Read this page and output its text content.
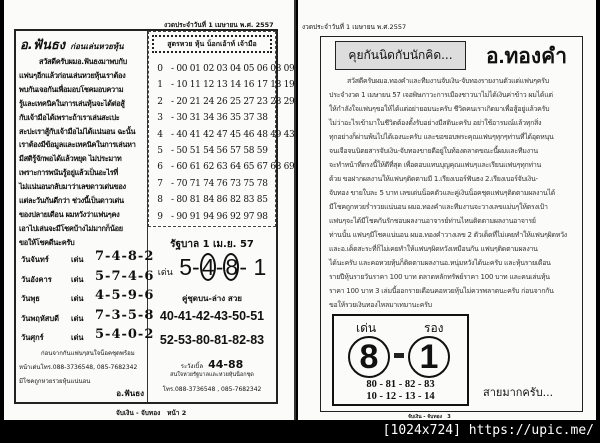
งวดประจำวันที่ 1 เมษายน พ.ศ. 2557
อ.ฟันธง ก่อนเล่นหวยหุ้น
สวัสดีครับผมอ.ฟันธงมาพบกับ
แฟนๆอีกแล้วก่อนเล่นหวยหุ้นเราต้อง
พบกันเจอกันเพื่อมอบโชคมอบความ
รู้และเทคนิคในการเล่นหุ้นจะได้ต่อสู้
กับเจ้ามือได้เพราะถ้าเราเล่นสะเปะ
สะปะเราสู้กับเจ้ามือไม่ได้แน่นอน ฉะนั้น
เราต้องมีข้อมูลและเทคนิคในการเล่นหา
มีสติรู้จักพอได้แล้วหยุด ไม่ประมาท
เพราะการพนันรู้อยู่แล้วเป็นอะไรที่
ไม่แน่นอนกลับมาว่าเลขดาวเด่นของ
แต่ละวันกันดีกว่า ช่วงนี้เป็นดาวเด่น
ของปลายเดือน ผมหวังว่าแฟนๆคง
เอาไปเล่นจะมีโชคบ้างไม่มากก็น้อย
ขอให้โชคดีนะครับ
วันจันทร์	เด่น 7-4-8-2
วันอังคาร	เด่น 5-7-4-6
วันพุธ	เด่น 4-5-9-6
วันพฤหัสบดี เด่น 7-3-5-8
วันศุกร์	เด่น 5-4-0-2
ก่อนจากกันแฟนๆสนใจน็อคชุดพร้อม
หน้าเด่นโทร.088-3736548, 085-7682342
มีโชคถูกหวยรวยหุ้นแน่นอน
อ.ฟันธง
สูตรหวย หุ้น น็อกเอ้าท์ เจ้ามือ
0 - 00 01 02 03 04 05 06 08 09
1 - 10 11 12 13 14 16 17 18 19
2 - 20 21 24 26 25 27 23 28 29
3 - 30 31 34 36 35 37 38
4 - 40 41 42 47 45 46 48 49 43
5 - 50 51 54 56 57 58 59
6 - 60 61 62 63 64 65 67 68 69
7 - 70 71 74 76 73 75 78
8 - 80 81 84 86 82 83 85
9 - 90 91 94 96 92 97 98
รัฐบาล 1 เม.ย. 57
เด่น 5-4-8- 1
คู่ชุดบน-ล่าง สวย
40-41-42-43-50-51
52-53-80-81-82-83
ระวังเบิ้ล 44-88
สนใจหวยรัฐบาลและหวยหุ้นน็อกชุด
โทร.088-3736548 , 085-7682342
จับเงิน - จับทอง   หน้า 2
งวดประจำวันที่ 1 เมษายน พ.ศ.2557
คุยกันนิดกับนักคิด...	อ.ทองคำ
สวัสดีครับผมอ.ทองคำและทีมงานจับเงิน-จับทองรายงานตัวแด่แฟนๆครับ
ประจำงวด 1 เมษายน 57 เจอพิษภาวะการเมืองชาวนาไม่ได้เงินค่าข้าว ผมได้แต่
ให้กำลังใจแฟนๆขอให้ได้แต่อย่ายอมนะครับ ชีวิตคนเราเกิดมาเพื่อสู้อยู่แล้วครับ
ไม่ว่าอะไรเข้ามาในชีวิตต้องตั้งรับอย่างมีสตินะครับ อย่าใช้อารมณ์แล้วทุกสิ่ง
ทุกอย่างก็ผ่านพ้นไปได้เองนะครับ และขอขอบพระคุณแฟนๆทุกๆท่านที่ได้อุดหนุน
จนเจือจนนิตยสารจับเงิน-จับทองขายดีอยู่ในท้องตลาดขณะนี้ผมและทีมงาน
จะทำหน้าที่ตรงนี้ให้ดีที่สุด เพื่อตอบแทนบุญคุณแฟนๆและเรียนแฟนๆทุกท่าน
ด้วย ขอฝากผลงานให้แฟนๆติดตามมี 1.เรียงเบอร์ฟันธง 2.เรียงเบอร์จับเงิน-
จับทอง ขายใบละ 5 บาท เลขเด่นน็อคตัวและคู่เงินน็อคชุดแฟนๆติดตามผลงานได้
มีโชคถูกหวยร่ำรวยแน่นอน ผมอ.ทองคำและทีมงานจะวางเลขแม่นๆให้ตรงเป้า
แฟนๆจะได้มีโชคกันรักชอบผลงานอาจารย์ท่านไหนติดตามผลงานอาจารย์
ท่านนั้น แฟนๆมีโชคแน่นอน ผมอ.ทองคำวางเลข 2 ตัวเด็ดที่ไม่เคยทำให้แฟนๆผิดหวัง
และอ.เด็ดสะระที่ก็ไม่เคยทำให้แฟนๆผิดหวังเหมือนกัน แฟนๆติดตามผลงาน
ได้นะครับ และคอหวยหุ้นก็ติดตามผลงานอ.หนุ่มหวังได้นะครับ และหุ้นรายเดือน
รายปีหุ้นรายวันราคา 100 บาท ตลาดหลักทรัพย์ราคา 100 บาท และคนเล่นหุ้น
ราคา 100 บาท 3 เล่มนี้ออกรายเดือนคอหวยหุ้นไม่ควรพลาดนะครับ ก่อนจากกัน
ขอให้รวยเงินทองไหลมาเทมานะครับ
เด่น	รอง
8	1
80 - 81 - 82 - 83
10 - 12 - 13 - 14	สายมากครับ...
จับเงิน - จับทอง   3
[1024x724] https://upic.me/
